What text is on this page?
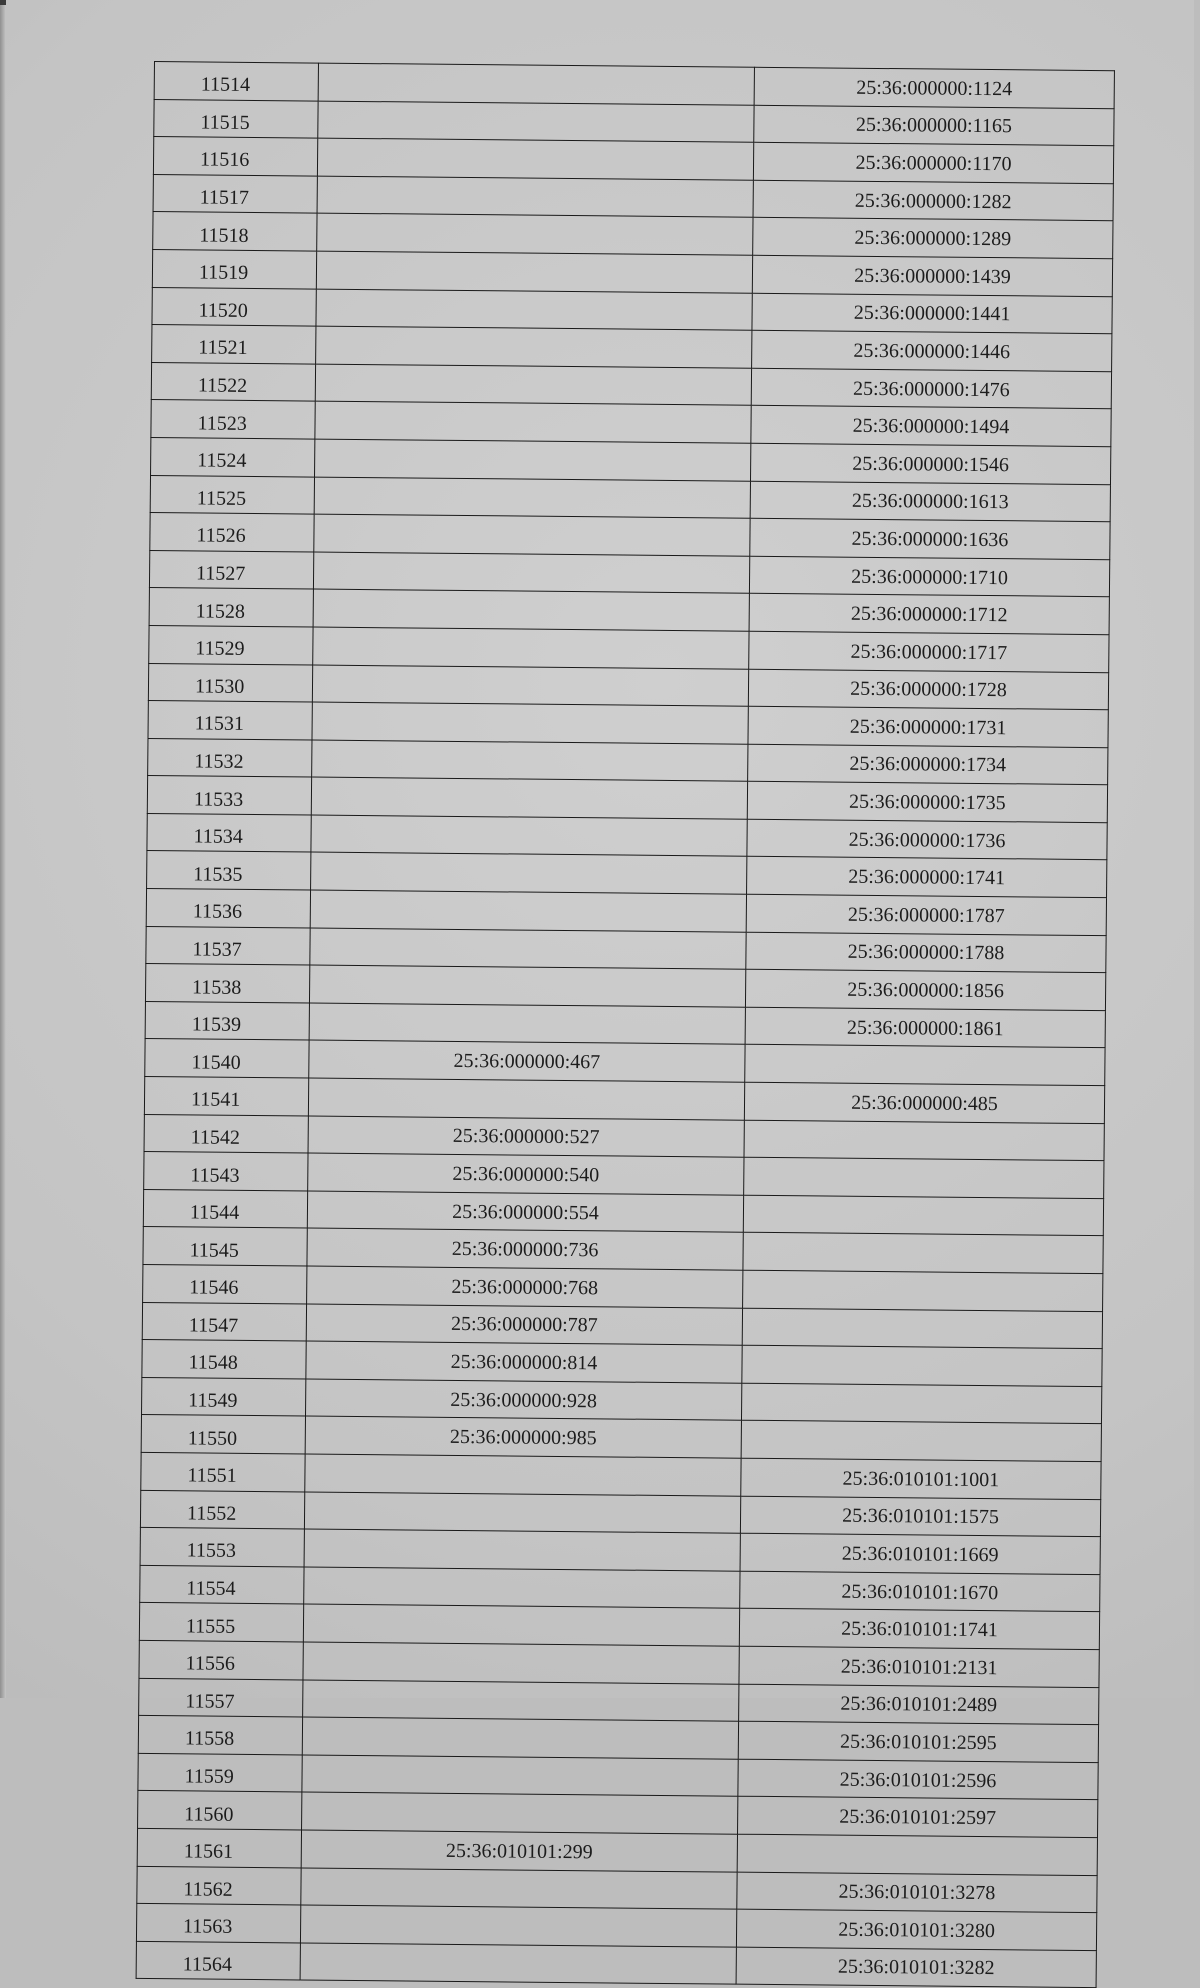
11514		25:36:000000:1124
11515		25:36:000000:1165
11516		25:36:000000:1170
11517		25:36:000000:1282
11518		25:36:000000:1289
11519		25:36:000000:1439
11520		25:36:000000:1441
11521		25:36:000000:1446
11522		25:36:000000:1476
11523		25:36:000000:1494
11524		25:36:000000:1546
11525		25:36:000000:1613
11526		25:36:000000:1636
11527		25:36:000000:1710
11528		25:36:000000:1712
11529		25:36:000000:1717
11530		25:36:000000:1728
11531		25:36:000000:1731
11532		25:36:000000:1734
11533		25:36:000000:1735
11534		25:36:000000:1736
11535		25:36:000000:1741
11536		25:36:000000:1787
11537		25:36:000000:1788
11538		25:36:000000:1856
11539		25:36:000000:1861
11540	25:36:000000:467	
11541		25:36:000000:485
11542	25:36:000000:527	
11543	25:36:000000:540	
11544	25:36:000000:554	
11545	25:36:000000:736	
11546	25:36:000000:768	
11547	25:36:000000:787	
11548	25:36:000000:814	
11549	25:36:000000:928	
11550	25:36:000000:985	
11551		25:36:010101:1001
11552		25:36:010101:1575
11553		25:36:010101:1669
11554		25:36:010101:1670
11555		25:36:010101:1741
11556		25:36:010101:2131
11557		25:36:010101:2489
11558		25:36:010101:2595
11559		25:36:010101:2596
11560		25:36:010101:2597
11561	25:36:010101:299	
11562		25:36:010101:3278
11563		25:36:010101:3280
11564		25:36:010101:3282
